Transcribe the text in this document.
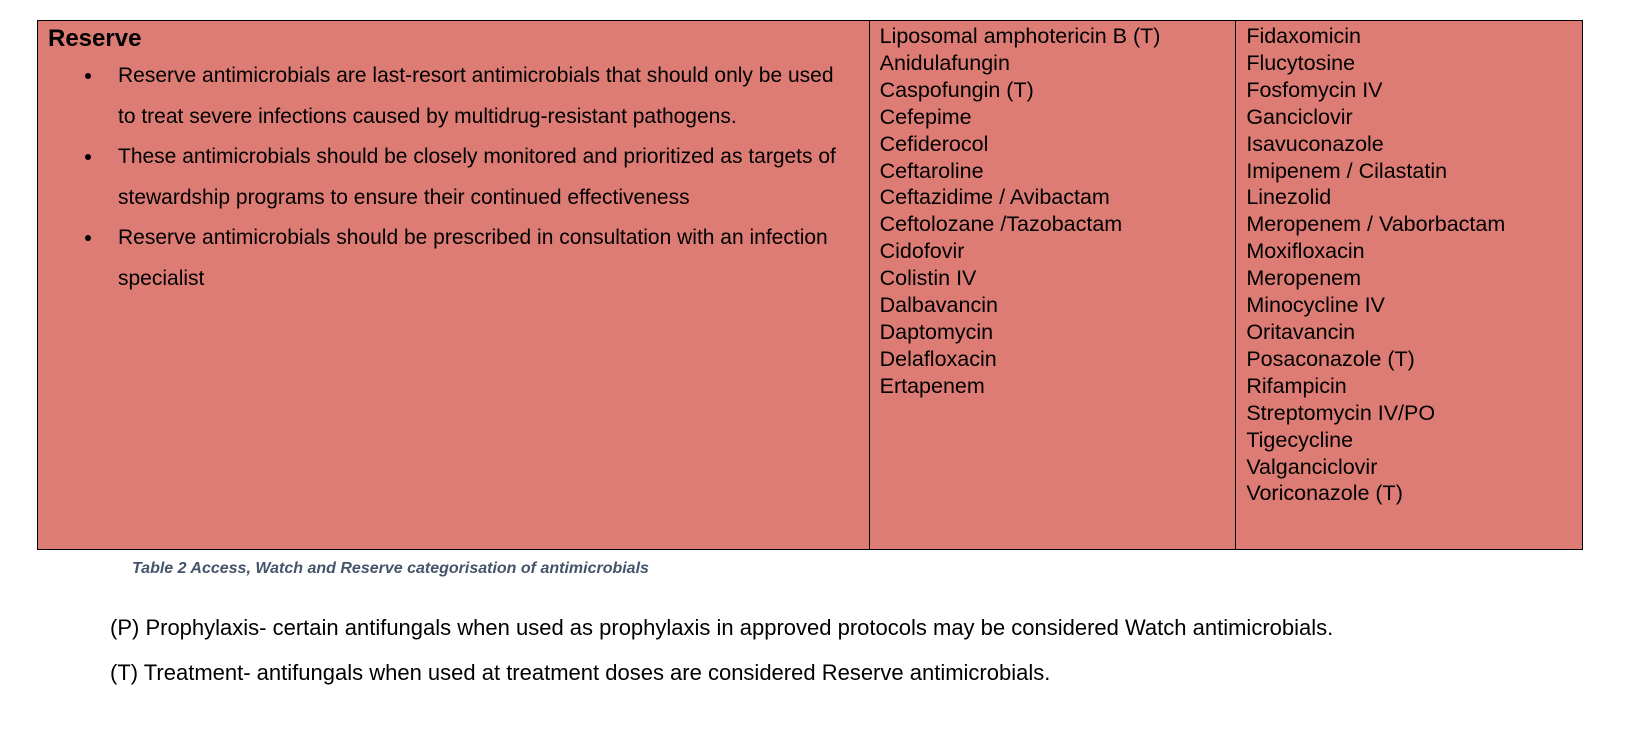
Reserve
Reserve antimicrobials are last-resort antimicrobials that should only be used to treat severe infections caused by multidrug-resistant pathogens.
These antimicrobials should be closely monitored and prioritized as targets of stewardship programs to ensure their continued effectiveness
Reserve antimicrobials should be prescribed in consultation with an infection specialist

Liposomal amphotericin B (T)
Anidulafungin
Caspofungin (T)
Cefepime
Cefiderocol
Ceftaroline
Ceftazidime / Avibactam
Ceftolozane /Tazobactam
Cidofovir
Colistin IV
Dalbavancin
Daptomycin
Delafloxacin
Ertapenem

Fidaxomicin
Flucytosine
Fosfomycin IV
Ganciclovir
Isavuconazole
Imipenem / Cilastatin
Linezolid
Meropenem / Vaborbactam
Moxifloxacin
Meropenem
Minocycline IV
Oritavancin
Posaconazole (T)
Rifampicin
Streptomycin IV/PO
Tigecycline
Valganciclovir
Voriconazole (T)
Table 2 Access, Watch and Reserve categorisation of antimicrobials
(P) Prophylaxis- certain antifungals when used as prophylaxis in approved protocols may be considered Watch antimicrobials.
(T) Treatment- antifungals when used at treatment doses are considered Reserve antimicrobials.
